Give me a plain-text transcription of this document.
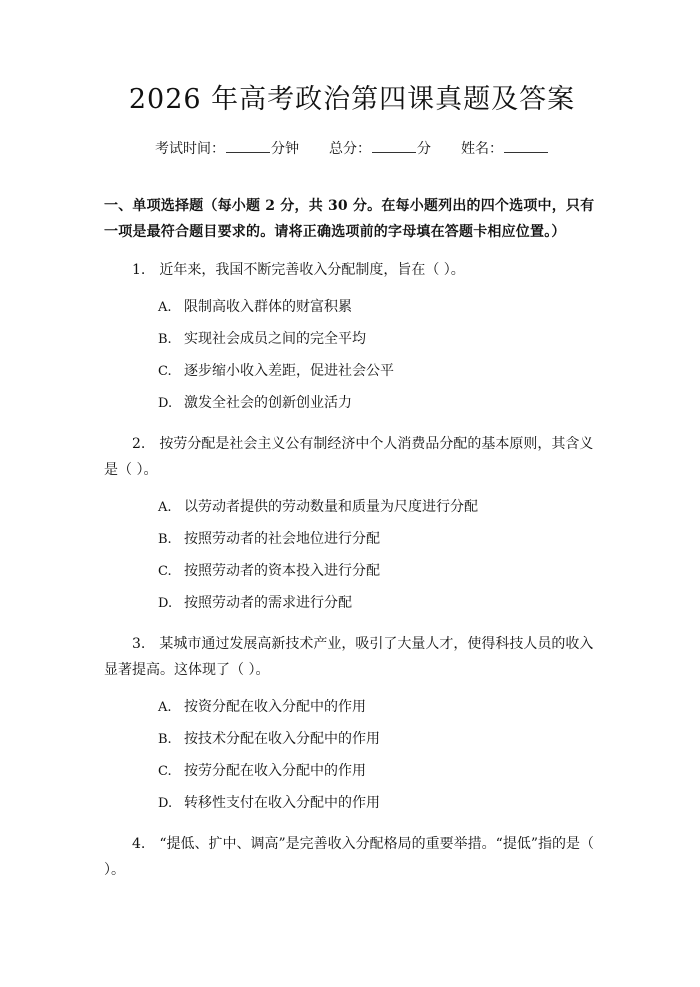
2026 年高考政治第四课真题及答案
考试时间：	分钟 总分：	分 姓名：
一、单项选择题（每小题 2 分，共 30 分。在每小题列出的四个选项中，只有一项是最符合题目要求的。请将正确选项前的字母填在答题卡相应位置。）
1. 近年来，我国不断完善收入分配制度，旨在（ ）。
A. 限制高收入群体的财富积累
B. 实现社会成员之间的完全平均
C. 逐步缩小收入差距，促进社会公平
D. 激发全社会的创新创业活力
2. 按劳分配是社会主义公有制经济中个人消费品分配的基本原则，其含义是（ ）。
A. 以劳动者提供的劳动数量和质量为尺度进行分配
B. 按照劳动者的社会地位进行分配
C. 按照劳动者的资本投入进行分配
D. 按照劳动者的需求进行分配
3. 某城市通过发展高新技术产业，吸引了大量人才，使得科技人员的收入显著提高。这体现了（ ）。
A. 按资分配在收入分配中的作用
B. 按技术分配在收入分配中的作用
C. 按劳分配在收入分配中的作用
D. 转移性支付在收入分配中的作用
4. “提低、扩中、调高”是完善收入分配格局的重要举措。“提低”指的是（ ）。
